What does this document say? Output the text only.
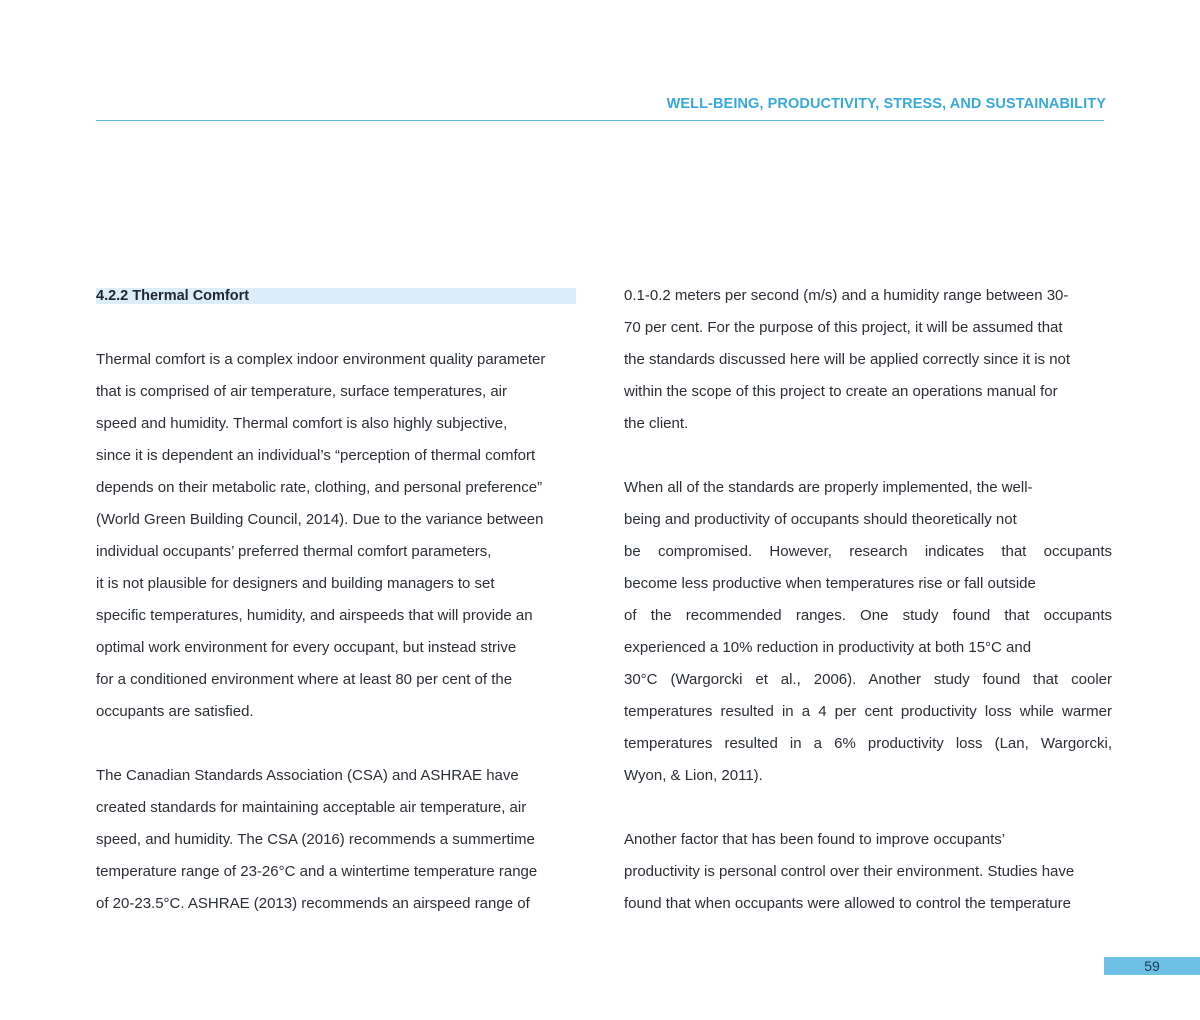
WELL-BEING, PRODUCTIVITY, STRESS, AND SUSTAINABILITY
4.2.2 Thermal Comfort

Thermal comfort is a complex indoor environment quality parameter
that is comprised of air temperature, surface temperatures, air
speed and humidity. Thermal comfort is also highly subjective,
since it is dependent an individual’s “perception of thermal comfort
depends on their metabolic rate, clothing, and personal preference”
(World Green Building Council, 2014). Due to the variance between
individual occupants’ preferred thermal comfort parameters,
it is not plausible for designers and building managers to set
specific temperatures, humidity, and airspeeds that will provide an
optimal work environment for every occupant, but instead strive
for a conditioned environment where at least 80 per cent of the
occupants are satisfied.

The Canadian Standards Association (CSA) and ASHRAE have
created standards for maintaining acceptable air temperature, air
speed, and humidity. The CSA (2016) recommends a summertime
temperature range of 23-26°C and a wintertime temperature range
of 20-23.5°C. ASHRAE (2013) recommends an airspeed range of

0.1-0.2 meters per second (m/s) and a humidity range between 30-
70 per cent. For the purpose of this project, it will be assumed that
the standards discussed here will be applied correctly since it is not
within the scope of this project to create an operations manual for
the client.

When all of the standards are properly implemented, the well-
being and productivity of occupants should theoretically not
be compromised. However, research indicates that occupants
become less productive when temperatures rise or fall outside
of the recommended ranges. One study found that occupants
experienced a 10% reduction in productivity at both 15°C and
30°C (Wargorcki et al., 2006). Another study found that cooler
temperatures resulted in a 4 per cent productivity loss while warmer
temperatures resulted in a 6% productivity loss (Lan, Wargorcki,
Wyon, & Lion, 2011).

Another factor that has been found to improve occupants’
productivity is personal control over their environment. Studies have
found that when occupants were allowed to control the temperature

59
